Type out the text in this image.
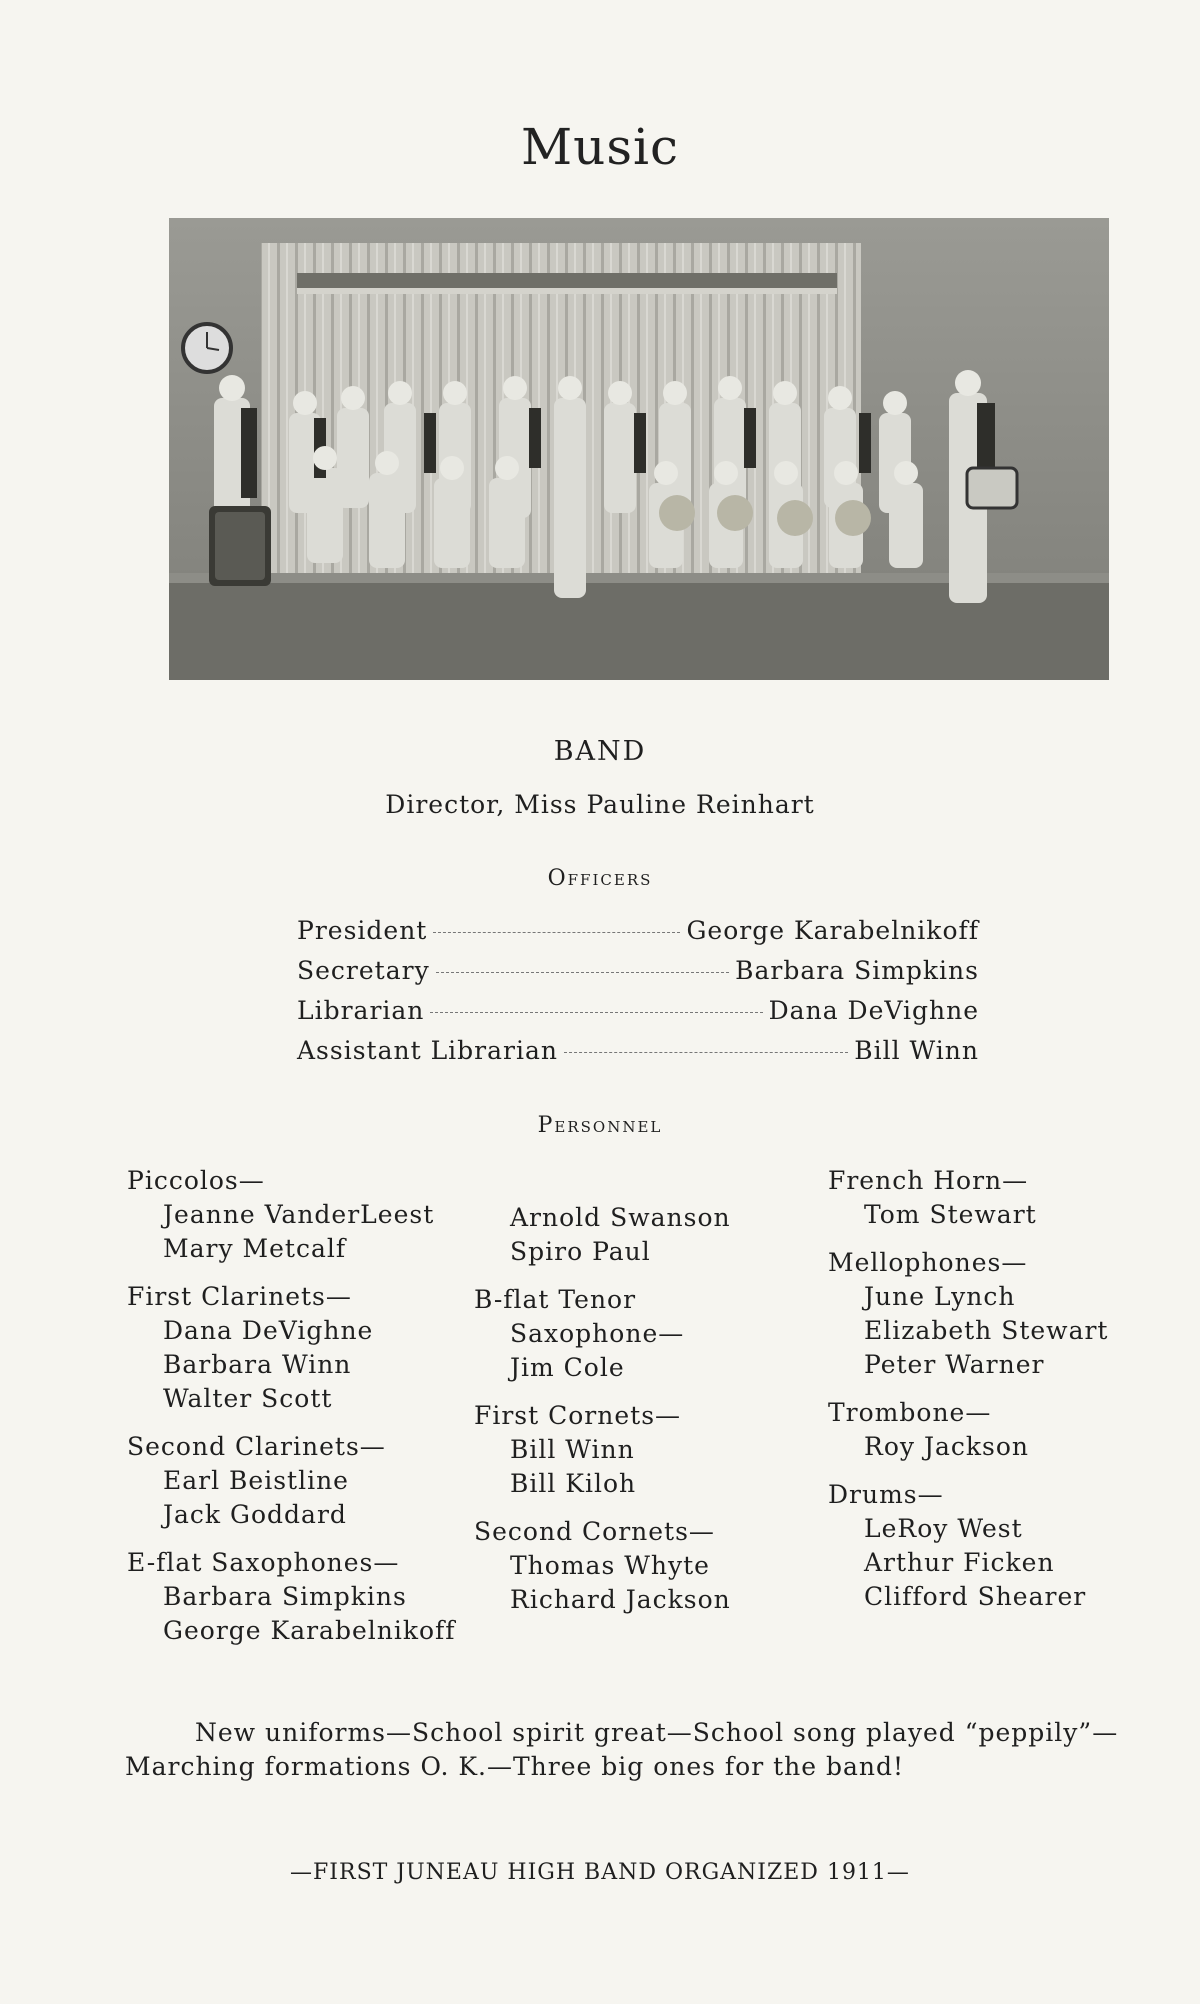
Music
BAND
Director, Miss Pauline Reinhart
Officers
President	George Karabelnikoff
Secretary	Barbara Simpkins
Librarian	Dana DeVighne
Assistant Librarian	Bill Winn
Personnel
Piccolos—
Jeanne VanderLeest
Mary Metcalf
First Clarinets—
Dana DeVighne
Barbara Winn
Walter Scott
Second Clarinets—
Earl Beistline
Jack Goddard
E-flat Saxophones—
Barbara Simpkins
George Karabelnikoff
Arnold Swanson
Spiro Paul
B-flat Tenor
Saxophone—
Jim Cole
First Cornets—
Bill Winn
Bill Kiloh
Second Cornets—
Thomas Whyte
Richard Jackson
French Horn—
Tom Stewart
Mellophones—
June Lynch
Elizabeth Stewart
Peter Warner
Trombone—
Roy Jackson
Drums—
LeRoy West
Arthur Ficken
Clifford Shearer
New uniforms—School spirit great—School song played “peppily”—
Marching formations O. K.—Three big ones for the band!
—FIRST JUNEAU HIGH BAND ORGANIZED 1911—
